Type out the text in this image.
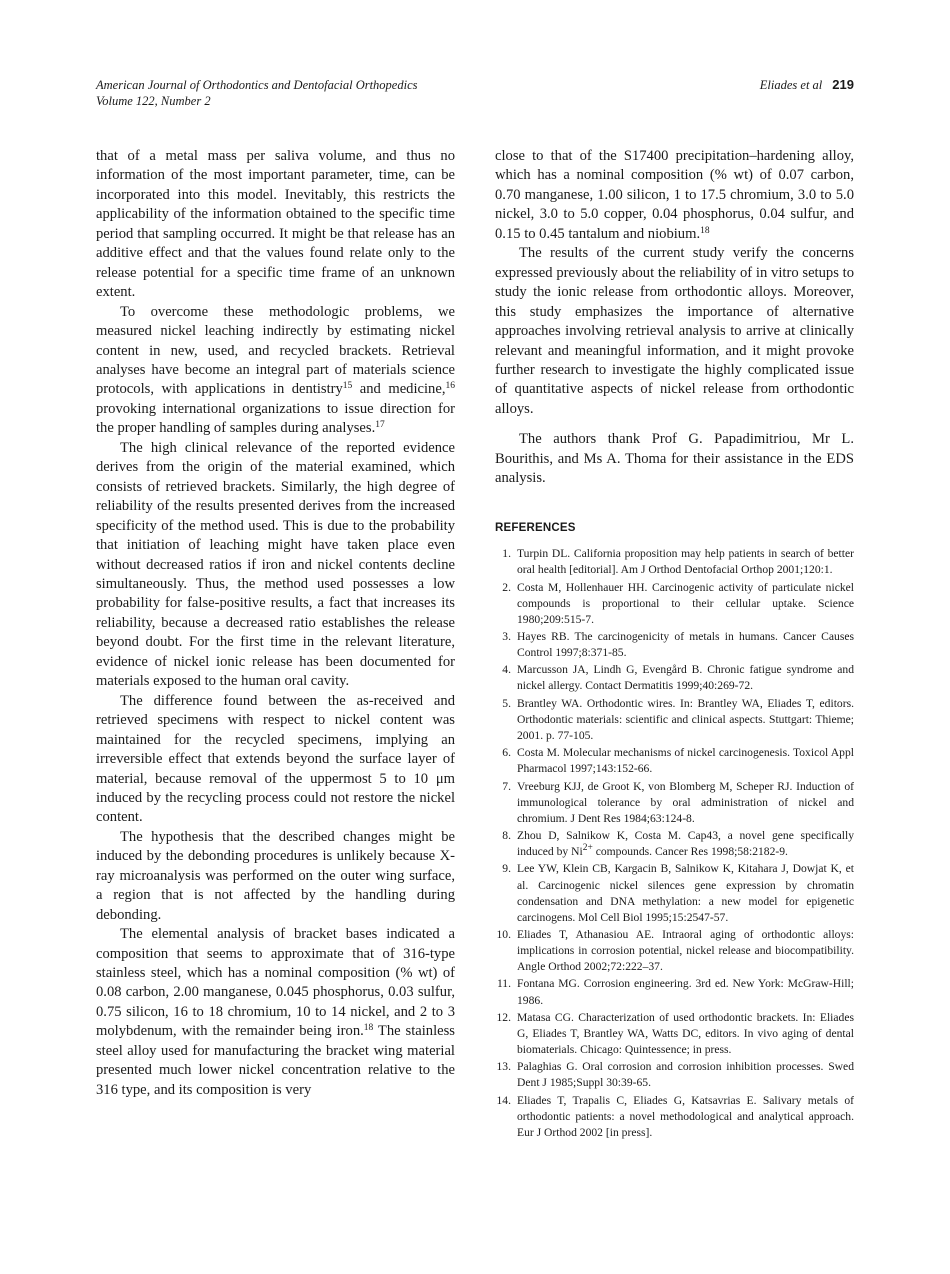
American Journal of Orthodontics and Dentofacial Orthopedics
Volume 122, Number 2
Eliades et al 219

that of a metal mass per saliva volume, and thus no information of the most important parameter, time, can be incorporated into this model. Inevitably, this restricts the applicability of the information obtained to the specific time period that sampling occurred. It might be that release has an additive effect and that the values found relate only to the release potential for a specific time frame of an unknown extent.

To overcome these methodologic problems, we measured nickel leaching indirectly by estimating nickel content in new, used, and recycled brackets. Retrieval analyses have become an integral part of materials science protocols, with applications in dentistry$^{15}$ and medicine,$^{16}$ provoking international organizations to issue direction for the proper handling of samples during analyses.$^{17}$

The high clinical relevance of the reported evidence derives from the origin of the material examined, which consists of retrieved brackets. Similarly, the high degree of reliability of the results presented derives from the increased specificity of the method used. This is due to the probability that initiation of leaching might have taken place even without decreased ratios if iron and nickel contents decline simultaneously. Thus, the method used possesses a low probability for false-positive results, a fact that increases its reliability, because a decreased ratio establishes the release beyond doubt. For the first time in the relevant literature, evidence of nickel ionic release has been documented for materials exposed to the human oral cavity.

The difference found between the as-received and retrieved specimens with respect to nickel content was maintained for the recycled specimens, implying an irreversible effect that extends beyond the surface layer of material, because removal of the uppermost 5 to 10 μm induced by the recycling process could not restore the nickel content.

The hypothesis that the described changes might be induced by the debonding procedures is unlikely because X-ray microanalysis was performed on the outer wing surface, a region that is not affected by the handling during debonding.

The elemental analysis of bracket bases indicated a composition that seems to approximate that of 316-type stainless steel, which has a nominal composition (% wt) of 0.08 carbon, 2.00 manganese, 0.045 phosphorus, 0.03 sulfur, 0.75 silicon, 16 to 18 chromium, 10 to 14 nickel, and 2 to 3 molybdenum, with the remainder being iron.$^{18}$ The stainless steel alloy used for manufacturing the bracket wing material presented much lower nickel concentration relative to the 316 type, and its composition is very

close to that of the S17400 precipitation–hardening alloy, which has a nominal composition (% wt) of 0.07 carbon, 0.70 manganese, 1.00 silicon, 1 to 17.5 chromium, 3.0 to 5.0 nickel, 3.0 to 5.0 copper, 0.04 phosphorus, 0.04 sulfur, and 0.15 to 0.45 tantalum and niobium.$^{18}$

The results of the current study verify the concerns expressed previously about the reliability of in vitro setups to study the ionic release from orthodontic alloys. Moreover, this study emphasizes the importance of alternative approaches involving retrieval analysis to arrive at clinically relevant and meaningful information, and it might provoke further research to investigate the highly complicated issue of quantitative aspects of nickel release from orthodontic alloys.

The authors thank Prof G. Papadimitriou, Mr L. Bourithis, and Ms A. Thoma for their assistance in the EDS analysis.

REFERENCES
1. Turpin DL. California proposition may help patients in search of better oral health [editorial]. Am J Orthod Dentofacial Orthop 2001;120:1.
2. Costa M, Hollenhauer HH. Carcinogenic activity of particulate nickel compounds is proportional to their cellular uptake. Science 1980;209:515-7.
3. Hayes RB. The carcinogenicity of metals in humans. Cancer Causes Control 1997;8:371-85.
4. Marcusson JA, Lindh G, Evengård B. Chronic fatigue syndrome and nickel allergy. Contact Dermatitis 1999;40:269-72.
5. Brantley WA. Orthodontic wires. In: Brantley WA, Eliades T, editors. Orthodontic materials: scientific and clinical aspects. Stuttgart: Thieme; 2001. p. 77-105.
6. Costa M. Molecular mechanisms of nickel carcinogenesis. Toxicol Appl Pharmacol 1997;143:152-66.
7. Vreeburg KJJ, de Groot K, von Blomberg M, Scheper RJ. Induction of immunological tolerance by oral administration of nickel and chromium. J Dent Res 1984;63:124-8.
8. Zhou D, Salnikow K, Costa M. Cap43, a novel gene specifically induced by $Ni^{2+}$ compounds. Cancer Res 1998;58:2182-9.
9. Lee YW, Klein CB, Kargacin B, Salnikow K, Kitahara J, Dowjat K, et al. Carcinogenic nickel silences gene expression by chromatin condensation and DNA methylation: a new model for epigenetic carcinogens. Mol Cell Biol 1995;15:2547-57.
10. Eliades T, Athanasiou AE. Intraoral aging of orthodontic alloys: implications in corrosion potential, nickel release and biocompatibility. Angle Orthod 2002;72:222–37.
11. Fontana MG. Corrosion engineering. 3rd ed. New York: McGraw-Hill; 1986.
12. Matasa CG. Characterization of used orthodontic brackets. In: Eliades G, Eliades T, Brantley WA, Watts DC, editors. In vivo aging of dental biomaterials. Chicago: Quintessence; in press.
13. Palaghias G. Oral corrosion and corrosion inhibition processes. Swed Dent J 1985;Suppl 30:39-65.
14. Eliades T, Trapalis C, Eliades G, Katsavrias E. Salivary metals of orthodontic patients: a novel methodological and analytical approach. Eur J Orthod 2002 [in press].
